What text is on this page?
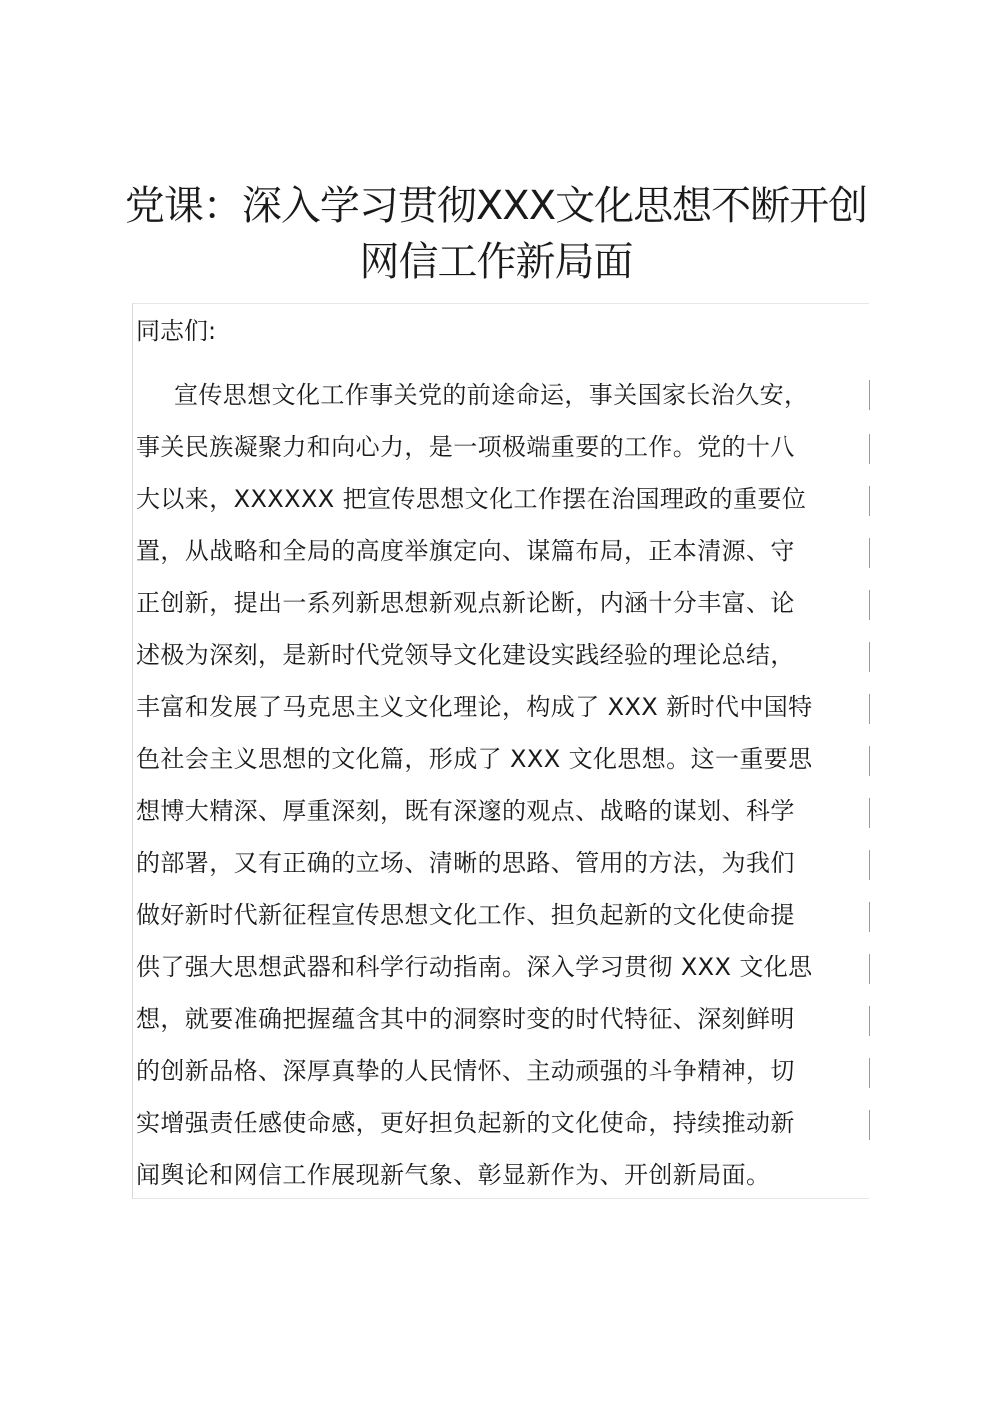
党课：深入学习贯彻XXX文化思想不断开创
网信工作新局面

同志们:

宣传思想文化工作事关党的前途命运，事关国家长治久安，
事关民族凝聚力和向心力，是一项极端重要的工作。党的十八
大以来，XXXXXX 把宣传思想文化工作摆在治国理政的重要位
置，从战略和全局的高度举旗定向、谋篇布局，正本清源、守
正创新，提出一系列新思想新观点新论断，内涵十分丰富、论
述极为深刻，是新时代党领导文化建设实践经验的理论总结，
丰富和发展了马克思主义文化理论，构成了 XXX 新时代中国特
色社会主义思想的文化篇，形成了 XXX 文化思想。这一重要思
想博大精深、厚重深刻，既有深邃的观点、战略的谋划、科学
的部署，又有正确的立场、清晰的思路、管用的方法，为我们
做好新时代新征程宣传思想文化工作、担负起新的文化使命提
供了强大思想武器和科学行动指南。深入学习贯彻 XXX 文化思
想，就要准确把握蕴含其中的洞察时变的时代特征、深刻鲜明
的创新品格、深厚真挚的人民情怀、主动顽强的斗争精神，切
实增强责任感使命感，更好担负起新的文化使命，持续推动新
闻舆论和网信工作展现新气象、彰显新作为、开创新局面。
